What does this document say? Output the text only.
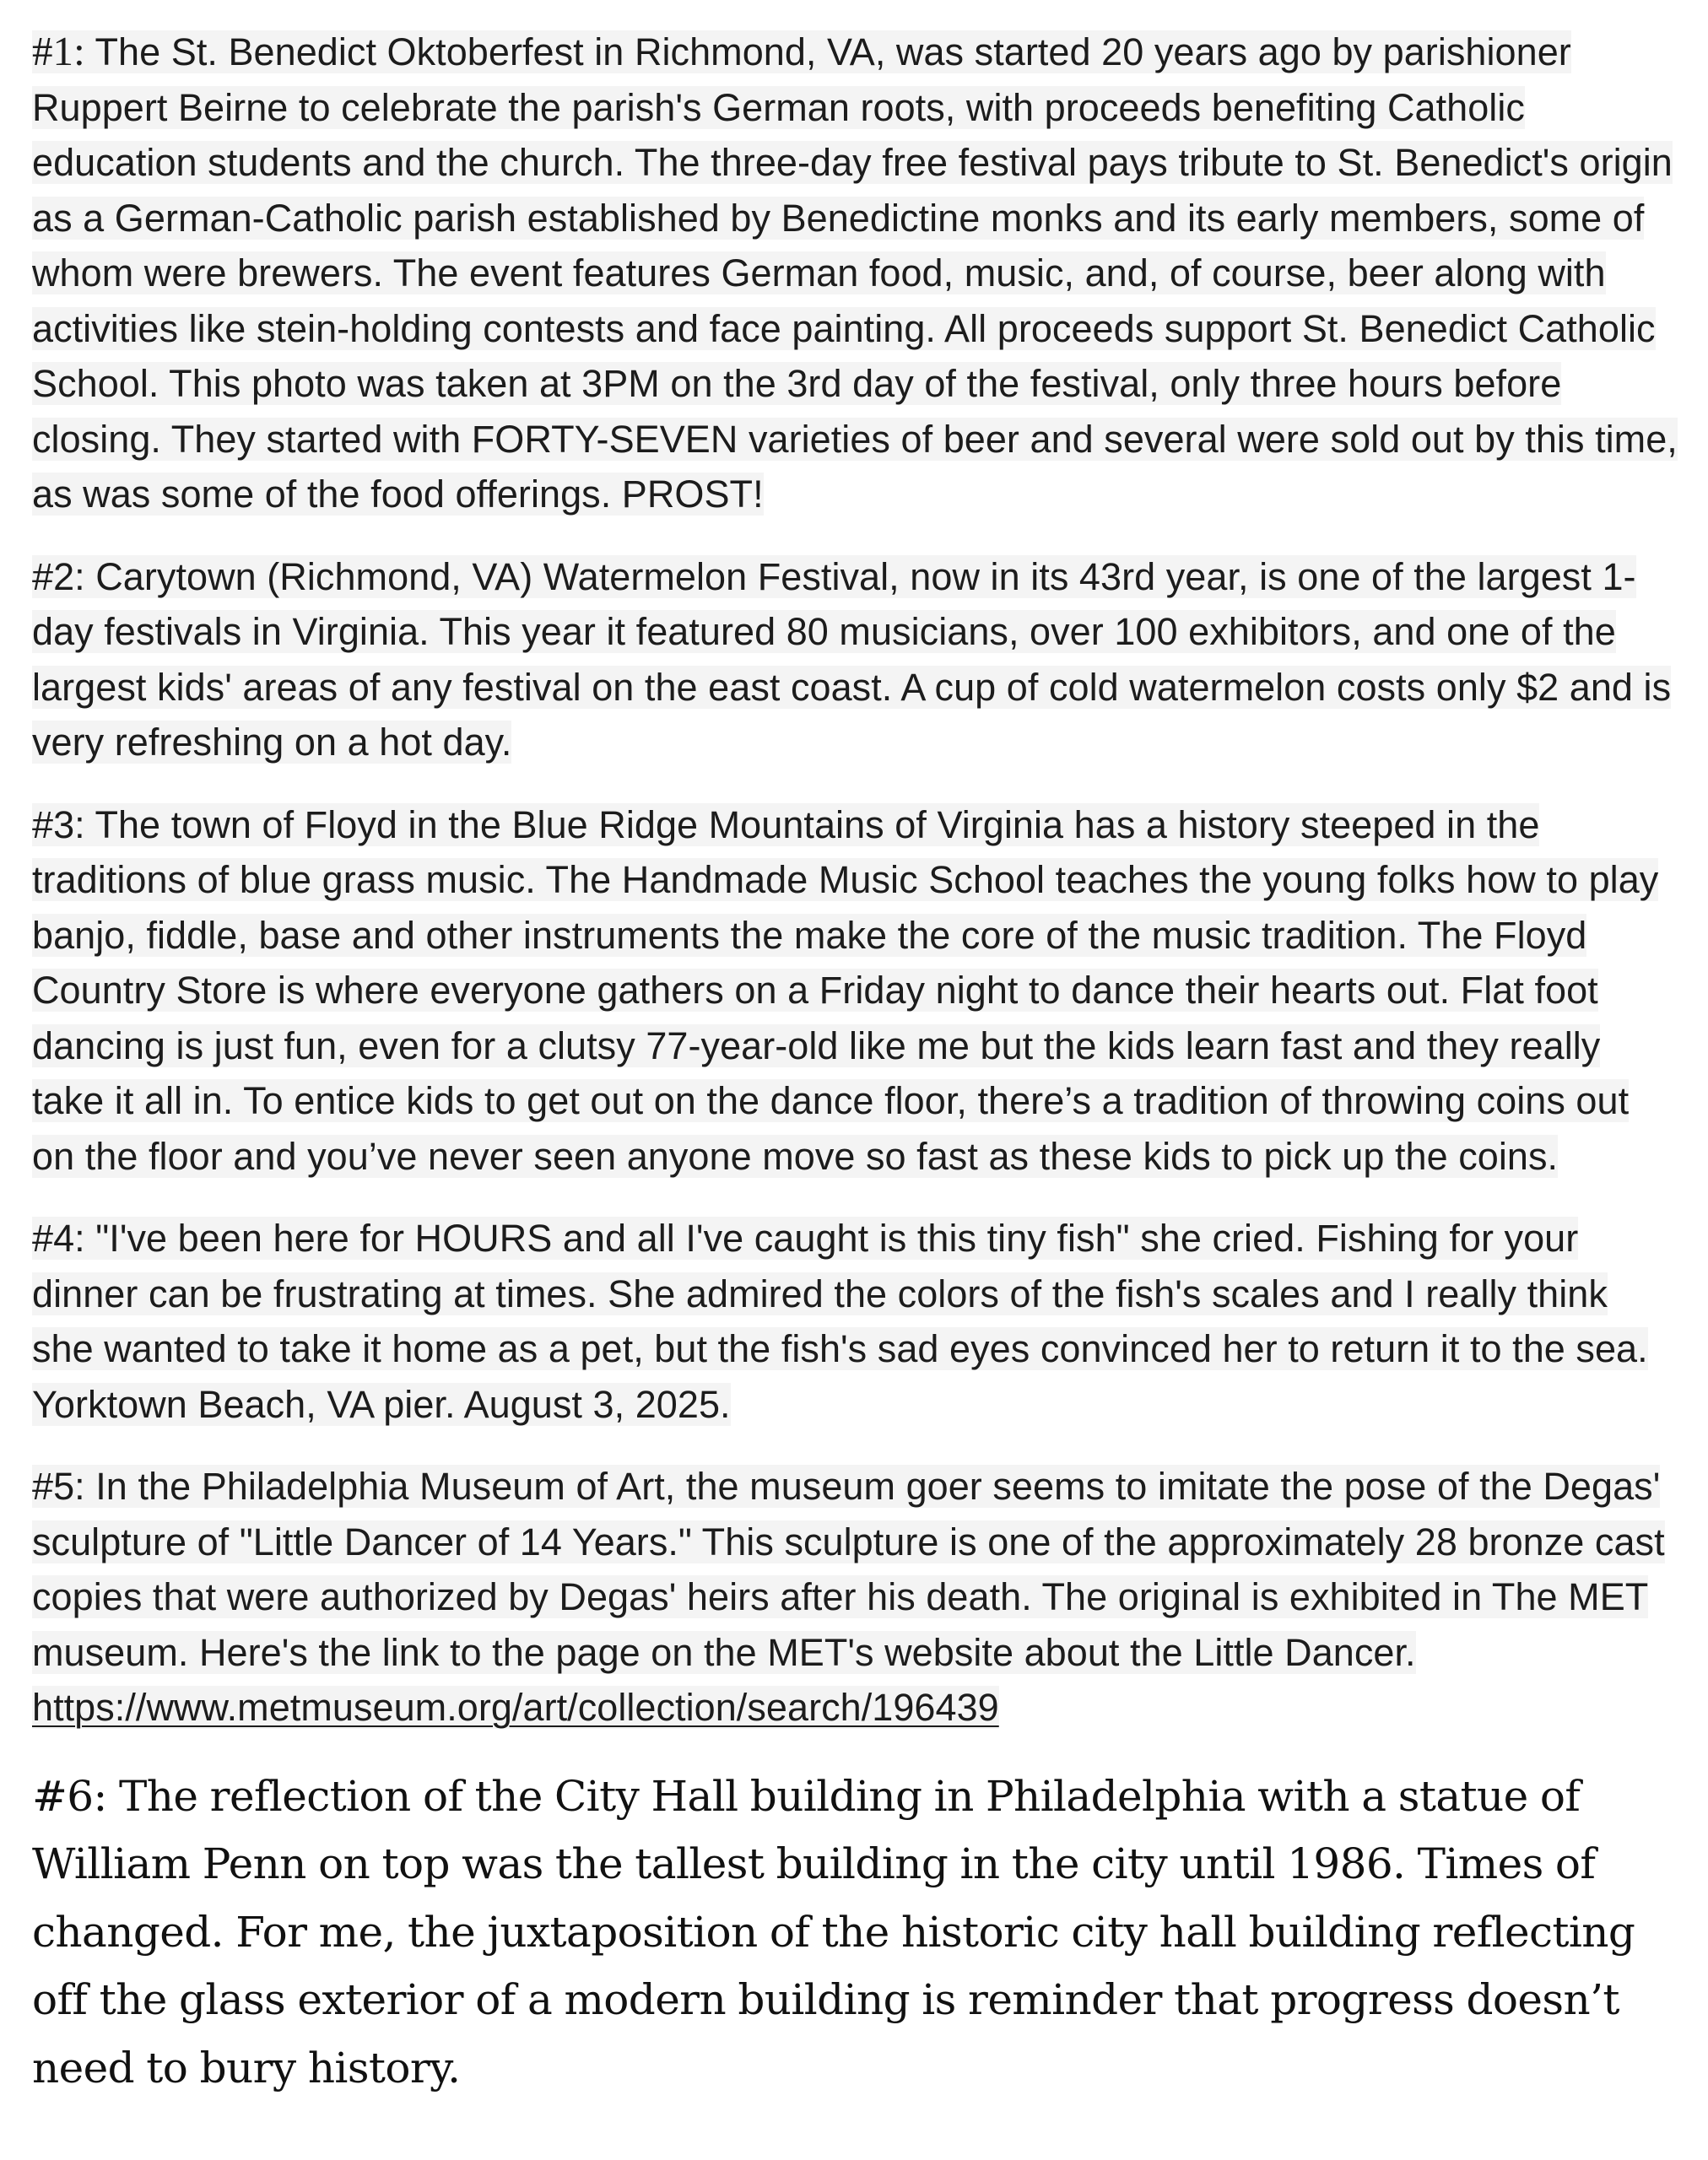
#1: The St. Benedict Oktoberfest in Richmond, VA, was started 20 years ago by parishioner Ruppert Beirne to celebrate the parish's German roots, with proceeds benefiting Catholic education students and the church. The three-day free festival pays tribute to St. Benedict's origin as a German-Catholic parish established by Benedictine monks and its early members, some of whom were brewers. The event features German food, music, and, of course, beer along with activities like stein-holding contests and face painting. All proceeds support St. Benedict Catholic School. This photo was taken at 3PM on the 3rd day of the festival, only three hours before closing. They started with FORTY-SEVEN varieties of beer and several were sold out by this time, as was some of the food offerings. PROST!

#2: Carytown (Richmond, VA) Watermelon Festival, now in its 43rd year, is one of the largest 1-day festivals in Virginia. This year it featured 80 musicians, over 100 exhibitors, and one of the largest kids' areas of any festival on the east coast. A cup of cold watermelon costs only $2 and is very refreshing on a hot day.

#3: The town of Floyd in the Blue Ridge Mountains of Virginia has a history steeped in the traditions of blue grass music. The Handmade Music School teaches the young folks how to play banjo, fiddle, base and other instruments the make the core of the music tradition. The Floyd Country Store is where everyone gathers on a Friday night to dance their hearts out. Flat foot dancing is just fun, even for a clutsy 77-year-old like me but the kids learn fast and they really take it all in. To entice kids to get out on the dance floor, there’s a tradition of throwing coins out on the floor and you’ve never seen anyone move so fast as these kids to pick up the coins.

#4: "I've been here for HOURS and all I've caught is this tiny fish" she cried. Fishing for your dinner can be frustrating at times. She admired the colors of the fish's scales and I really think she wanted to take it home as a pet, but the fish's sad eyes convinced her to return it to the sea. Yorktown Beach, VA pier. August 3, 2025.

#5: In the Philadelphia Museum of Art, the museum goer seems to imitate the pose of the Degas' sculpture of "Little Dancer of 14 Years." This sculpture is one of the approximately 28 bronze cast copies that were authorized by Degas' heirs after his death. The original is exhibited in The MET museum. Here's the link to the page on the MET's website about the Little Dancer. https://www.metmuseum.org/art/collection/search/196439

#6: The reflection of the City Hall building in Philadelphia with a statue of William Penn on top was the tallest building in the city until 1986. Times of changed. For me, the juxtaposition of the historic city hall building reflecting off the glass exterior of a modern building is reminder that progress doesn’t need to bury history.
